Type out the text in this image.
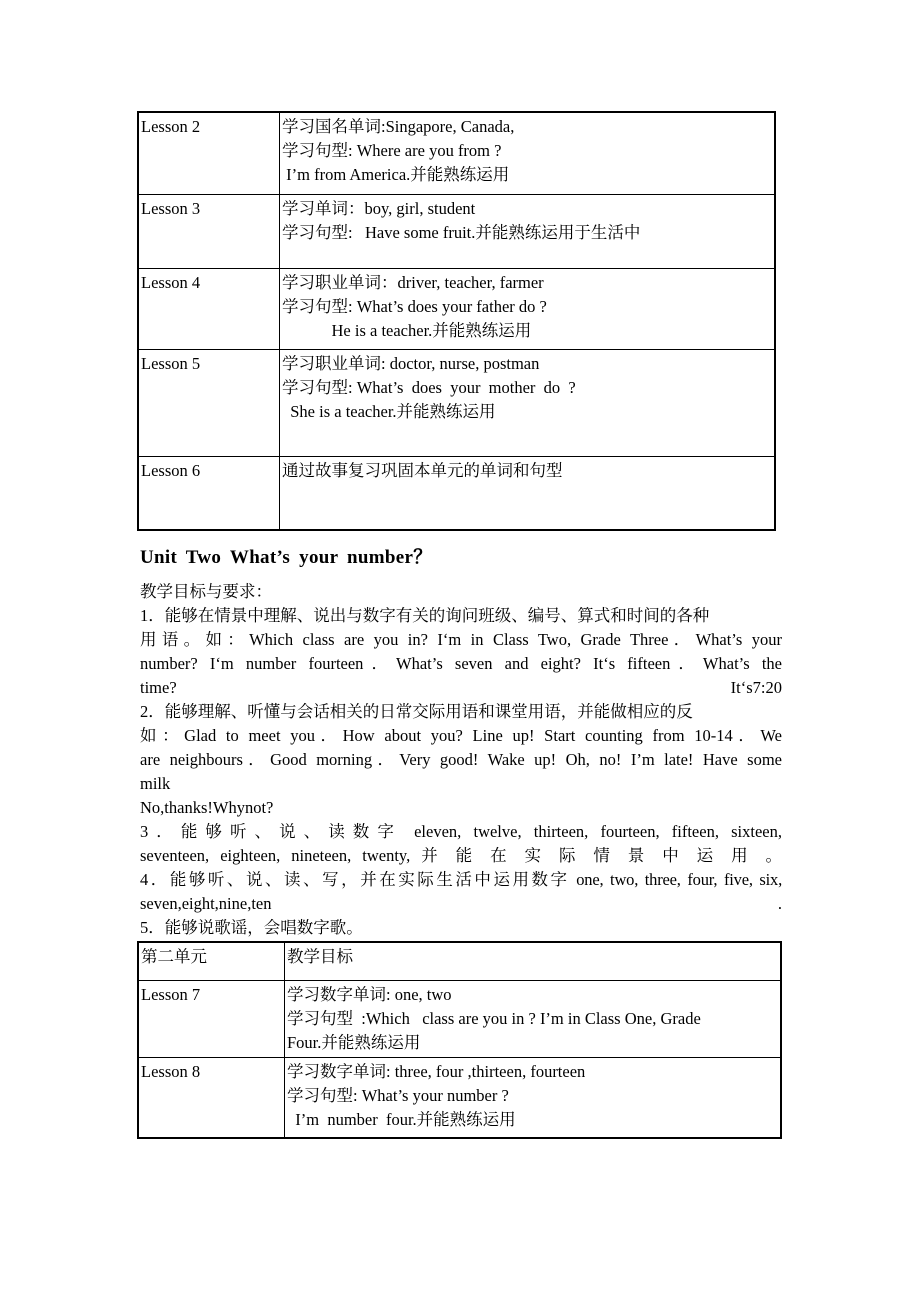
Lesson 2	学习国名单词:Singapore, Canada,
学习句型: Where are you from ?
I’m from America.并能熟练运用

Lesson 3	学习单词：boy, girl, student
学习句型:   Have some fruit.并能熟练运用于生活中

Lesson 4	学习职业单词：driver, teacher, farmer
学习句型: What’s does your father do ?
He is a teacher.并能熟练运用

Lesson 5	学习职业单词: doctor, nurse, postman
学习句型: What’s  does  your  mother  do  ?
She is a teacher.并能熟练运用

Lesson 6	通过故事复习巩固本单元的单词和句型
Unit Two What’s your number？
教学目标与要求：
1．能够在情景中理解、说出与数字有关的询问班级、编号、算式和时间的各种
用语。如：Which class are you in? I‘m in Class Two, Grade Three．What’s your
number? I‘m number fourteen．What’s seven and eight? It‘s fifteen．What’s the
time?	It‘s7:20
2．能够理解、听懂与会话相关的日常交际用语和课堂用语，并能做相应的反
如：Glad to meet you．How about you? Line up! Start counting from 10-14．We
are neighbours．Good morning．Very good! Wake up! Oh, no! I’m late! Have some
milk
No,thanks!Whynot?
3．能够听、说、读数字 eleven, twelve, thirteen, fourteen, fifteen, sixteen,
seventeen, eighteen, nineteen, twenty, 并 能 在 实 际 情 景 中 运 用 。
4．能够听、说、读、写，并在实际生活中运用数字 one, two, three, four, five, six,
seven,eight,nine,ten	.
5．能够说歌谣，会唱数字歌。
第二单元	教学目标
Lesson 7	学习数字单词: one, two
学习句型  :Which   class are you in ? I’m in Class One, Grade
Four.并能熟练运用

Lesson 8	学习数字单词: three, four ,thirteen, fourteen
学习句型: What’s your number ?
I’m  number  four.并能熟练运用
